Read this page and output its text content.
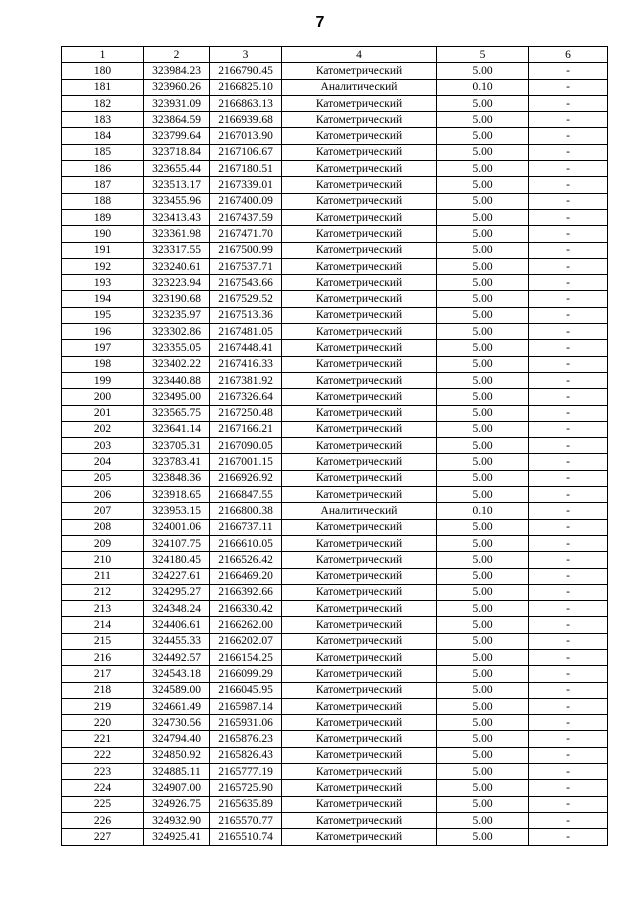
7
1	2	3	4	5	6
180	323984.23	2166790.45	Катометрический	5.00	-
181	323960.26	2166825.10	Аналитический	0.10	-
182	323931.09	2166863.13	Катометрический	5.00	-
183	323864.59	2166939.68	Катометрический	5.00	-
184	323799.64	2167013.90	Катометрический	5.00	-
185	323718.84	2167106.67	Катометрический	5.00	-
186	323655.44	2167180.51	Катометрический	5.00	-
187	323513.17	2167339.01	Катометрический	5.00	-
188	323455.96	2167400.09	Катометрический	5.00	-
189	323413.43	2167437.59	Катометрический	5.00	-
190	323361.98	2167471.70	Катометрический	5.00	-
191	323317.55	2167500.99	Катометрический	5.00	-
192	323240.61	2167537.71	Катометрический	5.00	-
193	323223.94	2167543.66	Катометрический	5.00	-
194	323190.68	2167529.52	Катометрический	5.00	-
195	323235.97	2167513.36	Катометрический	5.00	-
196	323302.86	2167481.05	Катометрический	5.00	-
197	323355.05	2167448.41	Катометрический	5.00	-
198	323402.22	2167416.33	Катометрический	5.00	-
199	323440.88	2167381.92	Катометрический	5.00	-
200	323495.00	2167326.64	Катометрический	5.00	-
201	323565.75	2167250.48	Катометрический	5.00	-
202	323641.14	2167166.21	Катометрический	5.00	-
203	323705.31	2167090.05	Катометрический	5.00	-
204	323783.41	2167001.15	Катометрический	5.00	-
205	323848.36	2166926.92	Катометрический	5.00	-
206	323918.65	2166847.55	Катометрический	5.00	-
207	323953.15	2166800.38	Аналитический	0.10	-
208	324001.06	2166737.11	Катометрический	5.00	-
209	324107.75	2166610.05	Катометрический	5.00	-
210	324180.45	2166526.42	Катометрический	5.00	-
211	324227.61	2166469.20	Катометрический	5.00	-
212	324295.27	2166392.66	Катометрический	5.00	-
213	324348.24	2166330.42	Катометрический	5.00	-
214	324406.61	2166262.00	Катометрический	5.00	-
215	324455.33	2166202.07	Катометрический	5.00	-
216	324492.57	2166154.25	Катометрический	5.00	-
217	324543.18	2166099.29	Катометрический	5.00	-
218	324589.00	2166045.95	Катометрический	5.00	-
219	324661.49	2165987.14	Катометрический	5.00	-
220	324730.56	2165931.06	Катометрический	5.00	-
221	324794.40	2165876.23	Катометрический	5.00	-
222	324850.92	2165826.43	Катометрический	5.00	-
223	324885.11	2165777.19	Катометрический	5.00	-
224	324907.00	2165725.90	Катометрический	5.00	-
225	324926.75	2165635.89	Катометрический	5.00	-
226	324932.90	2165570.77	Катометрический	5.00	-
227	324925.41	2165510.74	Катометрический	5.00	-
